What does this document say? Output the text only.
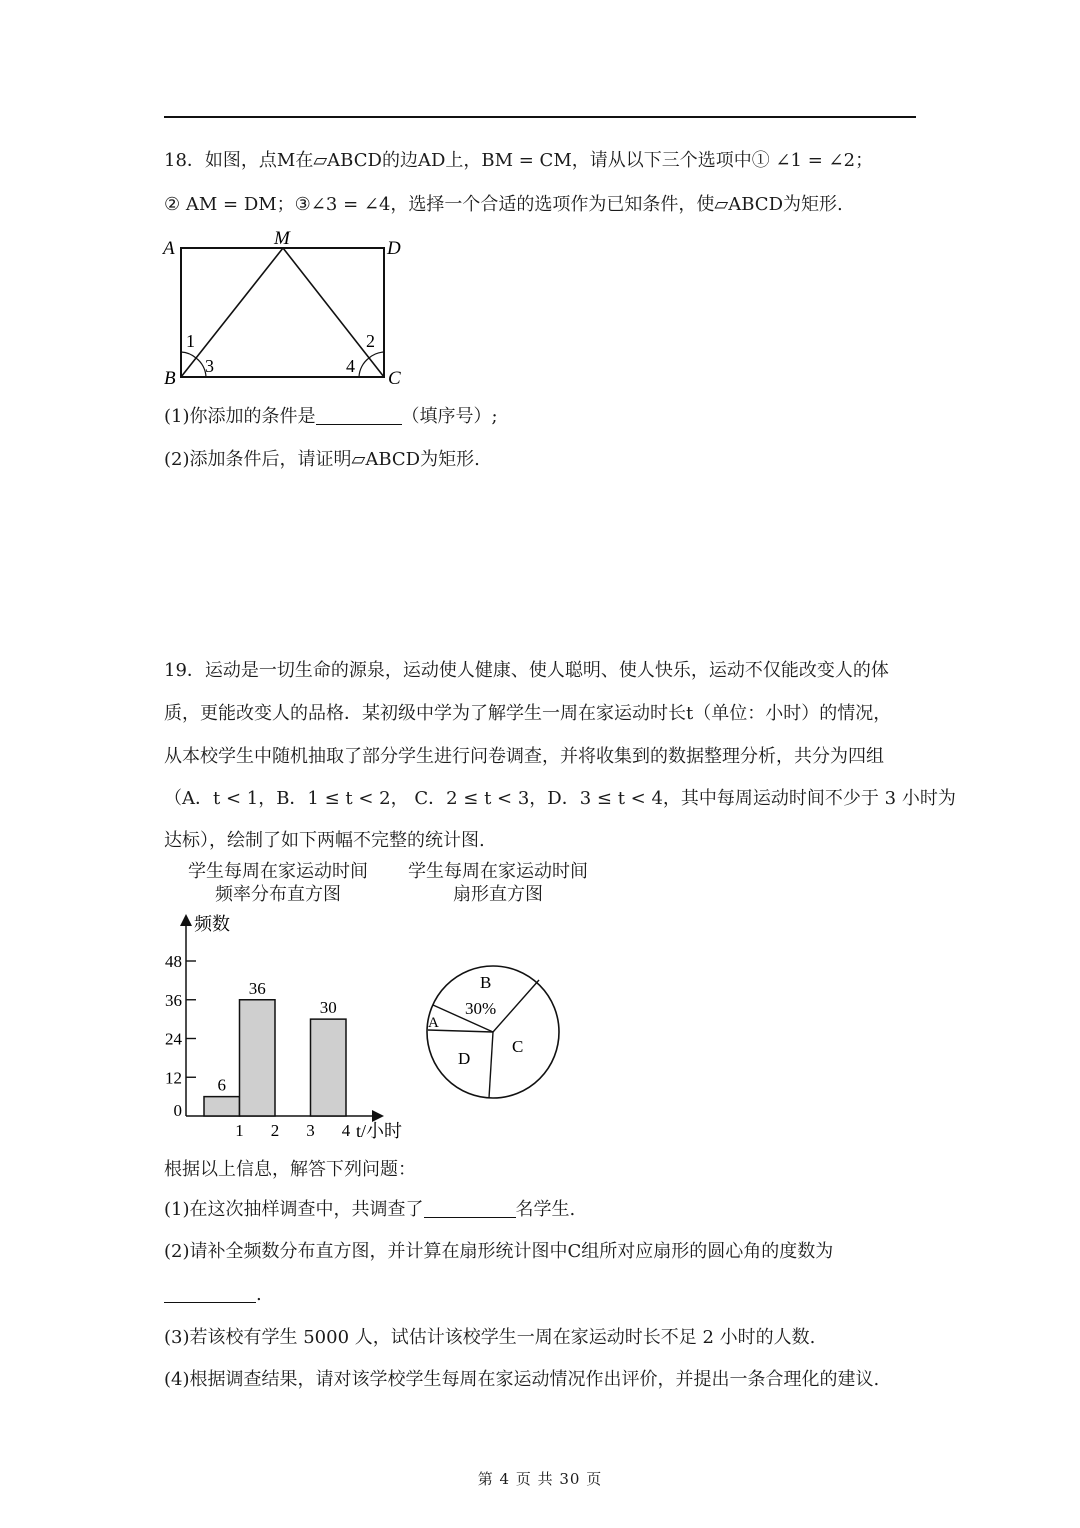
18．如图，点M在▱ABCD的边AD上，BM = CM，请从以下三个选项中① ∠1 = ∠2；
② AM = DM；③∠3 = ∠4，选择一个合适的选项作为已知条件，使▱ABCD为矩形.
A	M	D
B	C
1
3
2
4
(1)你添加的条件是	（填序号）;
(2)添加条件后，请证明▱ABCD为矩形.
19．运动是一切生命的源泉，运动使人健康、使人聪明、使人快乐，运动不仅能改变人的体
质，更能改变人的品格．某初级中学为了解学生一周在家运动时长t（单位：小时）的情况，
从本校学生中随机抽取了部分学生进行问卷调查，并将收集到的数据整理分析，共分为四组
（A．t < 1，B．1 ≤ t < 2， C．2 ≤ t < 3，D．3 ≤ t < 4，其中每周运动时间不少于 3 小时为
达标），绘制了如下两幅不完整的统计图.
学生每周在家运动时间
频率分布直方图
学生每周在家运动时间
扇形直方图
频数
t/小时
0
12
24
36
48
1 2 3 4
6
36
30
B
30%
A
D
C
根据以上信息，解答下列问题：
(1)在这次抽样调查中，共调查了	名学生.
(2)请补全频数分布直方图，并计算在扇形统计图中C组所对应扇形的圆心角的度数为
.
(3)若该校有学生 5000 人，试估计该校学生一周在家运动时长不足 2 小时的人数.
(4)根据调查结果，请对该学校学生每周在家运动情况作出评价，并提出一条合理化的建议.
第 4 页 共 30 页
